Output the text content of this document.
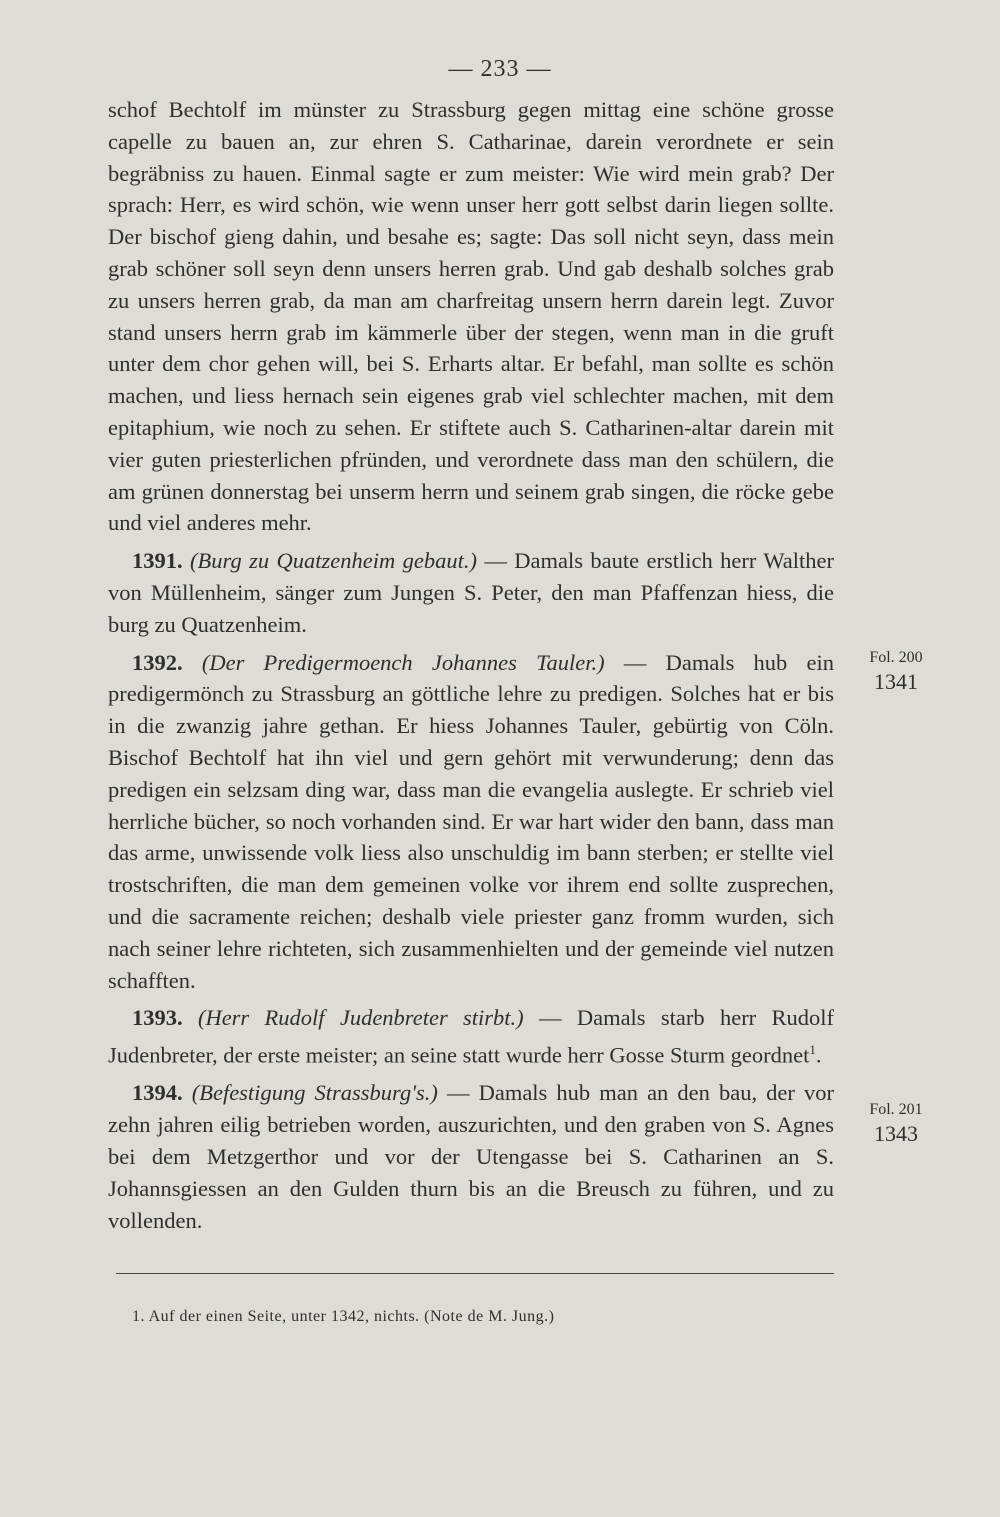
— 233 —

schof Bechtolf im münster zu Strassburg gegen mittag eine schöne grosse capelle zu bauen an, zur ehren S. Catharinae, darein verordnete er sein begräbniss zu hauen. Einmal sagte er zum meister: Wie wird mein grab? Der sprach: Herr, es wird schön, wie wenn unser herr gott selbst darin liegen sollte. Der bischof gieng dahin, und besahe es; sagte: Das soll nicht seyn, dass mein grab schöner soll seyn denn unsers herren grab. Und gab deshalb solches grab zu unsers herren grab, da man am charfreitag unsern herrn darein legt. Zuvor stand unsers herrn grab im kämmerle über der stegen, wenn man in die gruft unter dem chor gehen will, bei S. Erharts altar. Er befahl, man sollte es schön machen, und liess hernach sein eigenes grab viel schlechter machen, mit dem epitaphium, wie noch zu sehen. Er stiftete auch S. Catharinen-altar darein mit vier guten priesterlichen pfründen, und verordnete dass man den schülern, die am grünen donnerstag bei unserm herrn und seinem grab singen, die röcke gebe und viel anderes mehr.

1391. (Burg zu Quatzenheim gebaut.) — Damals baute erstlich herr Walther von Müllenheim, sänger zum Jungen S. Peter, den man Pfaffenzan hiess, die burg zu Quatzenheim.

1392. (Der Predigermoench Johannes Tauler.) — Damals hub ein predigermönch zu Strassburg an göttliche lehre zu predigen. Solches hat er bis in die zwanzig jahre gethan. Er hiess Johannes Tauler, gebürtig von Cöln. Bischof Bechtolf hat ihn viel und gern gehört mit verwunderung; denn das predigen ein selzsam ding war, dass man die evangelia auslegte. Er schrieb viel herrliche bücher, so noch vorhanden sind. Er war hart wider den bann, dass man das arme, unwissende volk liess also unschuldig im bann sterben; er stellte viel trostschriften, die man dem gemeinen volke vor ihrem end sollte zusprechen, und die sacramente reichen; deshalb viele priester ganz fromm wurden, sich nach seiner lehre richteten, sich zusammenhielten und der gemeinde viel nutzen schafften.

1393. (Herr Rudolf Judenbreter stirbt.) — Damals starb herr Rudolf Judenbreter, der erste meister; an seine statt wurde herr Gosse Sturm geordnet$^1$.

1394. (Befestigung Strassburg's.) — Damals hub man an den bau, der vor zehn jahren eilig betrieben worden, auszurichten, und den graben von S. Agnes bei dem Metzgerthor und vor der Utengasse bei S. Catharinen an S. Johannsgiessen an den Gulden thurn bis an die Breusch zu führen, und zu vollenden.

Fol. 200
1341
Fol. 201
1343
1. Auf der einen Seite, unter 1342, nichts. (Note de M. Jung.)
